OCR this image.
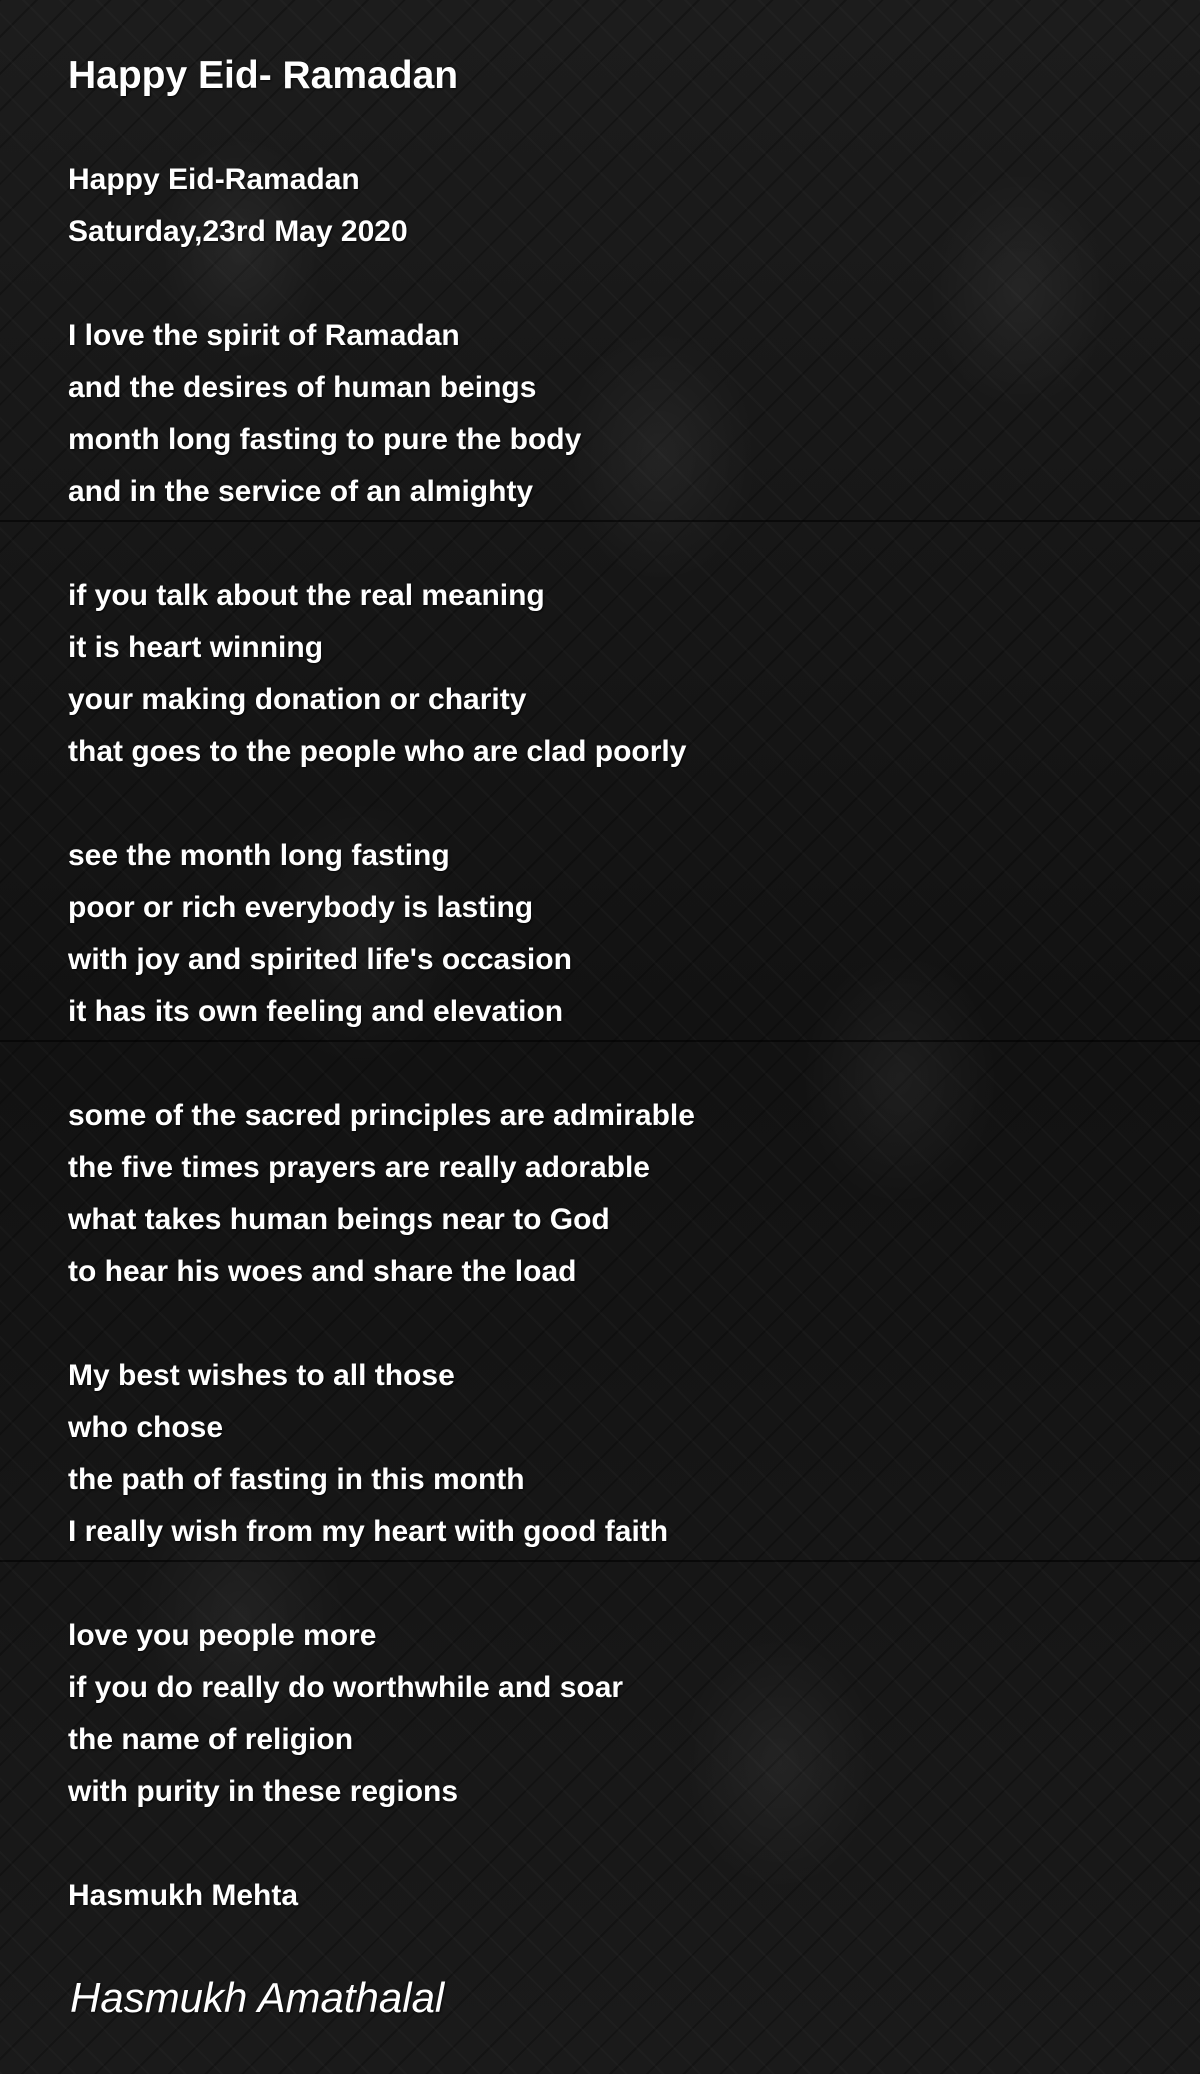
Happy Eid- Ramadan
Happy Eid-Ramadan
Saturday,23rd May 2020
I love the spirit of Ramadan
and the desires of human beings
month long fasting to pure the body
and in the service of an almighty
if you talk about the real meaning
it is heart winning
your making donation or charity
that goes to the people who are clad poorly
see the month long fasting
poor or rich everybody is lasting
with joy and spirited life's occasion
it has its own feeling and elevation
some of the sacred principles are admirable
the five times prayers are really adorable
what takes human beings near to God
to hear his woes and share the load
My best wishes to all those
who chose
the path of fasting in this month
I really wish from my heart with good faith
love you people more
if you do really do worthwhile and soar
the name of religion
with purity in these regions
Hasmukh Mehta
Hasmukh Amathalal
